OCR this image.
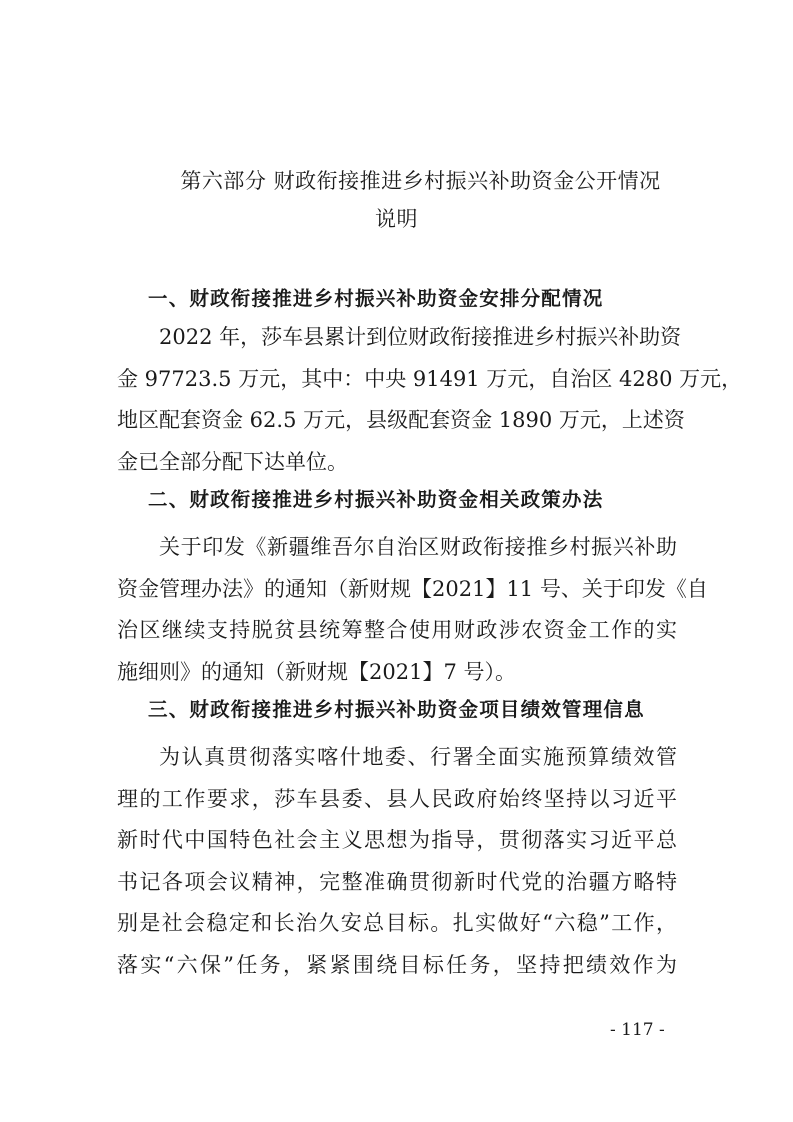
第六部分 财政衔接推进乡村振兴补助资金公开情况
说明
一、财政衔接推进乡村振兴补助资金安排分配情况
2022 年，莎车县累计到位财政衔接推进乡村振兴补助资
金 97723.5 万元，其中：中央 91491 万元，自治区 4280 万元，
地区配套资金 62.5 万元，县级配套资金 1890 万元，上述资
金已全部分配下达单位。
二、财政衔接推进乡村振兴补助资金相关政策办法
关于印发《新疆维吾尔自治区财政衔接推乡村振兴补助
资金管理办法》的通知（新财规【2021】11 号、关于印发《自
治区继续支持脱贫县统筹整合使用财政涉农资金工作的实
施细则》的通知（新财规【2021】7 号）。
三、财政衔接推进乡村振兴补助资金项目绩效管理信息
为认真贯彻落实喀什地委、行署全面实施预算绩效管
理的工作要求，莎车县委、县人民政府始终坚持以习近平
新时代中国特色社会主义思想为指导，贯彻落实习近平总
书记各项会议精神，完整准确贯彻新时代党的治疆方略特
别是社会稳定和长治久安总目标。扎实做好“六稳”工作，
落实“六保”任务，紧紧围绕目标任务，坚持把绩效作为
- 117 -
